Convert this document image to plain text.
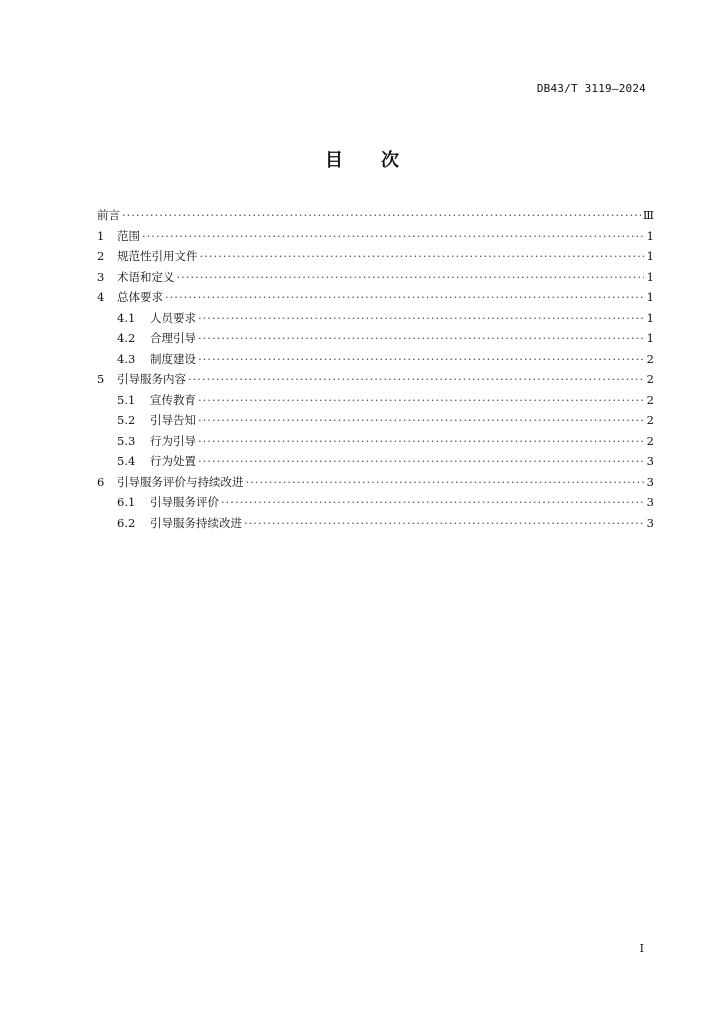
DB43/T 3119—2024
目 次
前言 ·····	Ⅲ
1	范围 ·····	1
2	规范性引用文件 ·····	1
3	术语和定义 ·····	1
4	总体要求 ·····	1
4.1	人员要求 ·····	1
4.2	合理引导 ·····	1
4.3	制度建设 ·····	2
5	引导服务内容 ·····	2
5.1	宣传教育 ·····	2
5.2	引导告知 ·····	2
5.3	行为引导 ·····	2
5.4	行为处置 ·····	3
6	引导服务评价与持续改进 ·····	3
6.1	引导服务评价 ·····	3
6.2	引导服务持续改进 ·····	3
I
